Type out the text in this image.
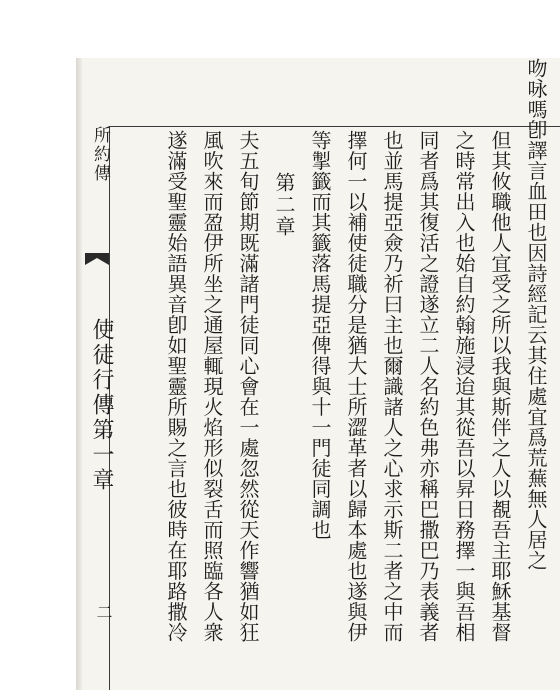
所約傳
使徒行傳第一章
二
吻咏嗎卽譯言血田也因詩經記云其住處宜爲荒蕪無人居之
但其攸職他人宜受之所以我與斯伴之人以覩吾主耶穌基督
之時常出入也始自約翰施浸迨其從吾以昇日務擇一與吾相
同者爲其復活之證遂立二人名約色弗亦稱巴撒巴乃表義者
也並馬提亞僉乃祈曰主也爾識諸人之心求示斯二者之中而
擇何一以補使徒職分是猶大士所澀革者以歸本處也遂與伊
等掣籤而其籤落馬提亞俾得與十一門徒同調也
第二章
夫五旬節期既滿諸門徒同心會在一處忽然從天作響猶如狂
風吹來而盈伊所坐之通屋輒現火焰形似裂舌而照臨各人衆
遂滿受聖靈始語異音卽如聖靈所賜之言也彼時在耶路撒冷
